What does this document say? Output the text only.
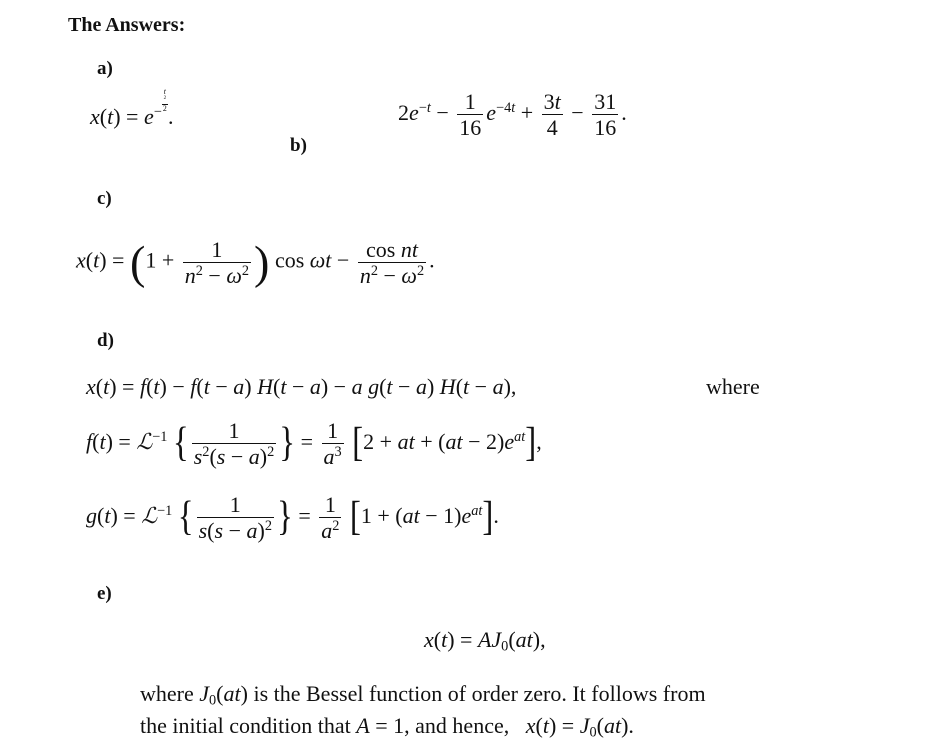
The Answers:
a)
$x(t) = e^{- t ^2 2}$
.
b)
$2e^{-t} - \frac{1}{16} e^{-4t} + \frac{3t}{4} - \frac{31}{16}$ .
c)
$x(t) = (1 + \frac{1}{n^2 - \omega^2}$ ) $\cos \omega t - \frac{\text{cos nt}}{n^2 - \omega^2}$ .
d)
x(t) = f(t) − f(t − a) H(t − a) − a g(t − a) H(t − a),	where
f(t) = ℒ$^{-1}$ { $\frac{1}{s^2(s - a)^2}$ } = $\frac{1}{a^3} [2$ + at + $(at - 2)e^{at}$],
g(t) = ℒ$^{-1}$ { $\frac{1}{s(s - a)^2}$ } = $\frac{1}{a^2} [1 + (at - 1)e^{at}]$.
e)
$x(t) = AJ_0(at)$,
where $J_0(at)$ is the Bessel function of order zero. It follows from
the initial condition that A = 1, and hence, $x(t) = J_0(at)$.
